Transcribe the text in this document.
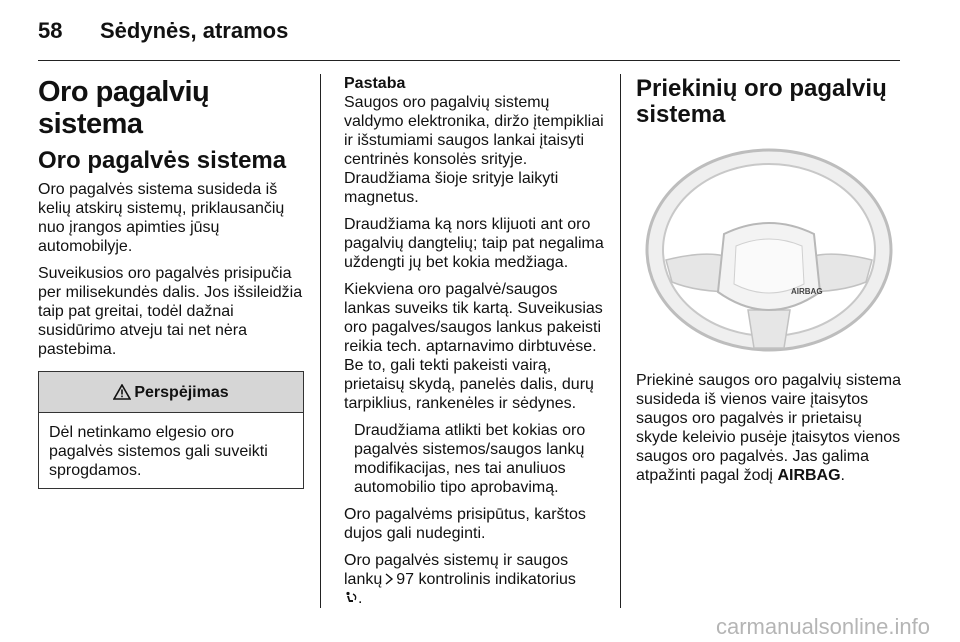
58 Sėdynės, atramos
Oro pagalvių sistema
Oro pagalvės sistema

Oro pagalvės sistema susideda iš kelių atskirų sistemų, priklausančių nuo įrangos apimties jūsų automobilyje.

Suveikusios oro pagalvės prisipučia per milisekundės dalis. Jos išsileidžia taip pat greitai, todėl dažnai susidūrimo atveju tai net nėra pastebima.

Perspėjimas
Dėl netinkamo elgesio oro pagalvės sistemos gali suveikti sprogdamos.
Pastaba

Saugos oro pagalvių sistemų valdymo elektronika, diržo įtempikliai ir išstumiami saugos lankai įtaisyti centrinės konsolės srityje. Draudžiama šioje srityje laikyti magnetus.

Draudžiama ką nors klijuoti ant oro pagalvių dangtelių; taip pat negalima uždengti jų bet kokia medžiaga.

Kiekviena oro pagalvė/saugos lankas suveiks tik kartą. Suveikusias oro pagalves/saugos lankus pakeisti reikia tech. aptarnavimo dirbtuvėse. Be to, gali tekti pakeisti vairą, prietaisų skydą, panelės dalis, durų tarpiklius, rankenėles ir sėdynes.

Draudžiama atlikti bet kokias oro pagalvės sistemos/saugos lankų modifikacijas, nes tai anuliuos automobilio tipo aprobavimą.

Oro pagalvėms prisipūtus, karštos dujos gali nudeginti.

Oro pagalvės sistemų ir saugos lankų 97 kontrolinis indikatorius
.

Priekinių oro pagalvių sistema
AIRBAG

Priekinė saugos oro pagalvių sistema susideda iš vienos vaire įtaisytos saugos oro pagalvės ir prietaisų skyde keleivio pusėje įtaisytos vienos saugos oro pagalvės. Jas galima atpažinti pagal žodį AIRBAG.

carmanualsonline.info
